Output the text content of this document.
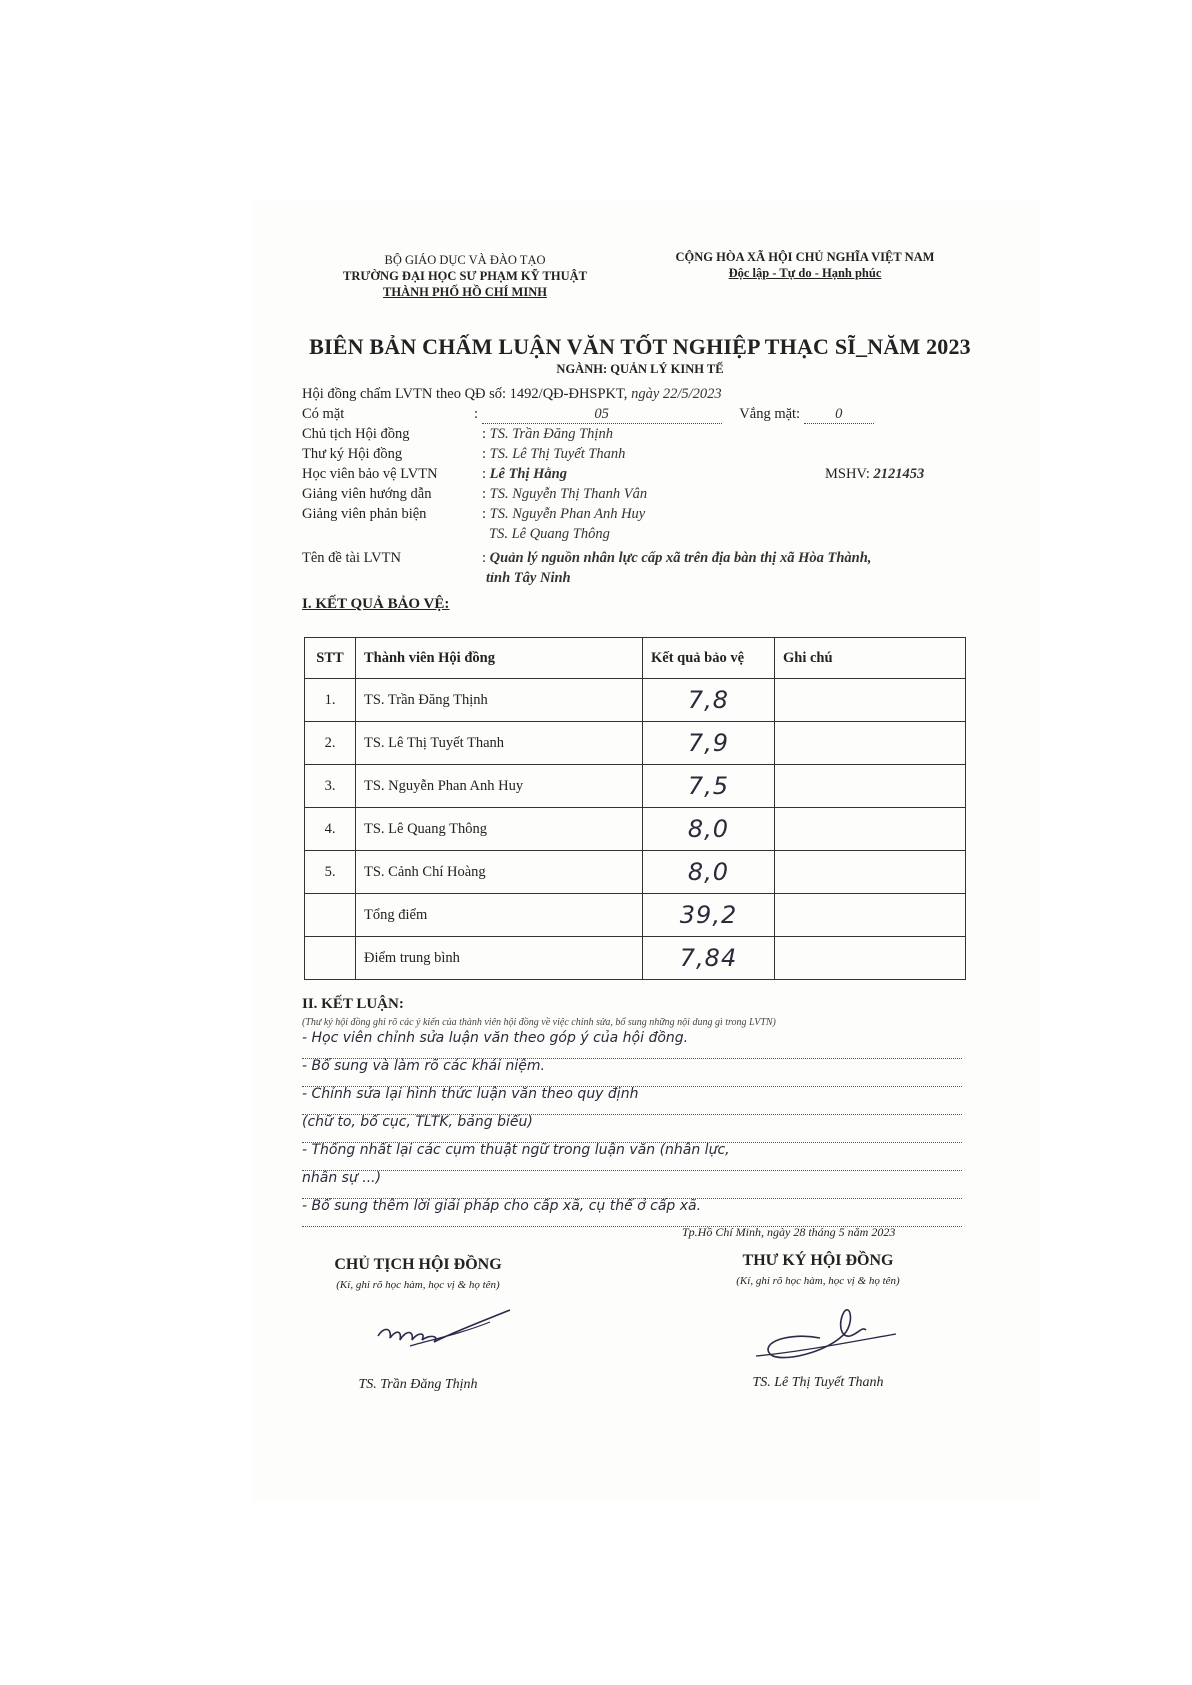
BỘ GIÁO DỤC VÀ ĐÀO TẠO
TRƯỜNG ĐẠI HỌC SƯ PHẠM KỸ THUẬT
THÀNH PHỐ HỒ CHÍ MINH
CỘNG HÒA XÃ HỘI CHỦ NGHĨA VIỆT NAM
Độc lập - Tự do - Hạnh phúc
BIÊN BẢN CHẤM LUẬN VĂN TỐT NGHIỆP THẠC SĨ_NĂM 2023
NGÀNH: QUẢN LÝ KINH TẾ
Hội đồng chấm LVTN theo QĐ số: 1492/QĐ-ĐHSPKT, ngày 22/5/2023
Có mặt	:	05	Vắng mặt: 0
Chủ tịch Hội đồng	: TS. Trần Đăng Thịnh
Thư ký Hội đồng	: TS. Lê Thị Tuyết Thanh
Học viên bảo vệ LVTN	: Lê Thị Hằng	MSHV: 2121453
Giảng viên hướng dẫn	: TS. Nguyễn Thị Thanh Vân
Giảng viên phản biện	: TS. Nguyễn Phan Anh Huy
TS. Lê Quang Thông
Tên đề tài LVTN	: Quản lý nguồn nhân lực cấp xã trên địa bàn thị xã Hòa Thành,
tỉnh Tây Ninh
I. KẾT QUẢ BẢO VỆ:
STT	Thành viên Hội đồng	Kết quả bảo vệ	Ghi chú
1.	TS. Trần Đăng Thịnh	7,8	
2.	TS. Lê Thị Tuyết Thanh	7,9	
3.	TS. Nguyễn Phan Anh Huy	7,5	
4.	TS. Lê Quang Thông	8,0	
5.	TS. Cảnh Chí Hoàng	8,0	
	Tổng điểm	39,2	
	Điểm trung bình	7,84	
II. KẾT LUẬN:
(Thư ký hội đồng ghi rõ các ý kiến của thành viên hội đồng về việc chỉnh sửa, bổ sung những nội dung gì trong LVTN)
- Học viên chỉnh sửa luận văn theo góp ý của hội đồng.
- Bổ sung và làm rõ các khái niệm.
- Chỉnh sửa lại hình thức luận văn theo quy định
(chữ to, bố cục, TLTK, bảng biểu)
- Thống nhất lại các cụm thuật ngữ trong luận văn (nhân lực,
nhân sự ...)
- Bổ sung thêm lời giải pháp cho cấp xã, cụ thể ở cấp xã.
Tp.Hồ Chí Minh, ngày 28 tháng 5 năm 2023
CHỦ TỊCH HỘI ĐỒNG
(Kí, ghi rõ học hàm, học vị & họ tên)
TS. Trần Đăng Thịnh
THƯ KÝ HỘI ĐỒNG
(Kí, ghi rõ học hàm, học vị & họ tên)
TS. Lê Thị Tuyết Thanh
